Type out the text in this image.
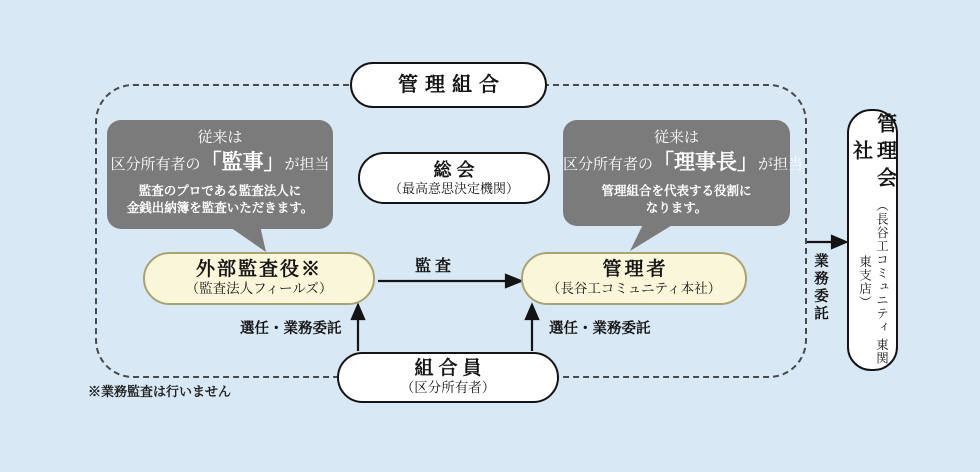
管理組合
総会
（最高意思決定機関）
従来は
区分所有者の「監事」が担当
監査のプロである監査法人に
金銭出納簿を監査いただきます。
従来は
区分所有者の「理事長」が担当
管理組合を代表する役割に
なります。
外部監査役※
（監査法人フィールズ）
管理者
（長谷工コミュニティ本社）
組合員
（区分所有者）
管理会社
（長谷工コミュニティ 東関東支店）
監査
選任・業務委託	選任・業務委託
業務委託
※業務監査は行いません
